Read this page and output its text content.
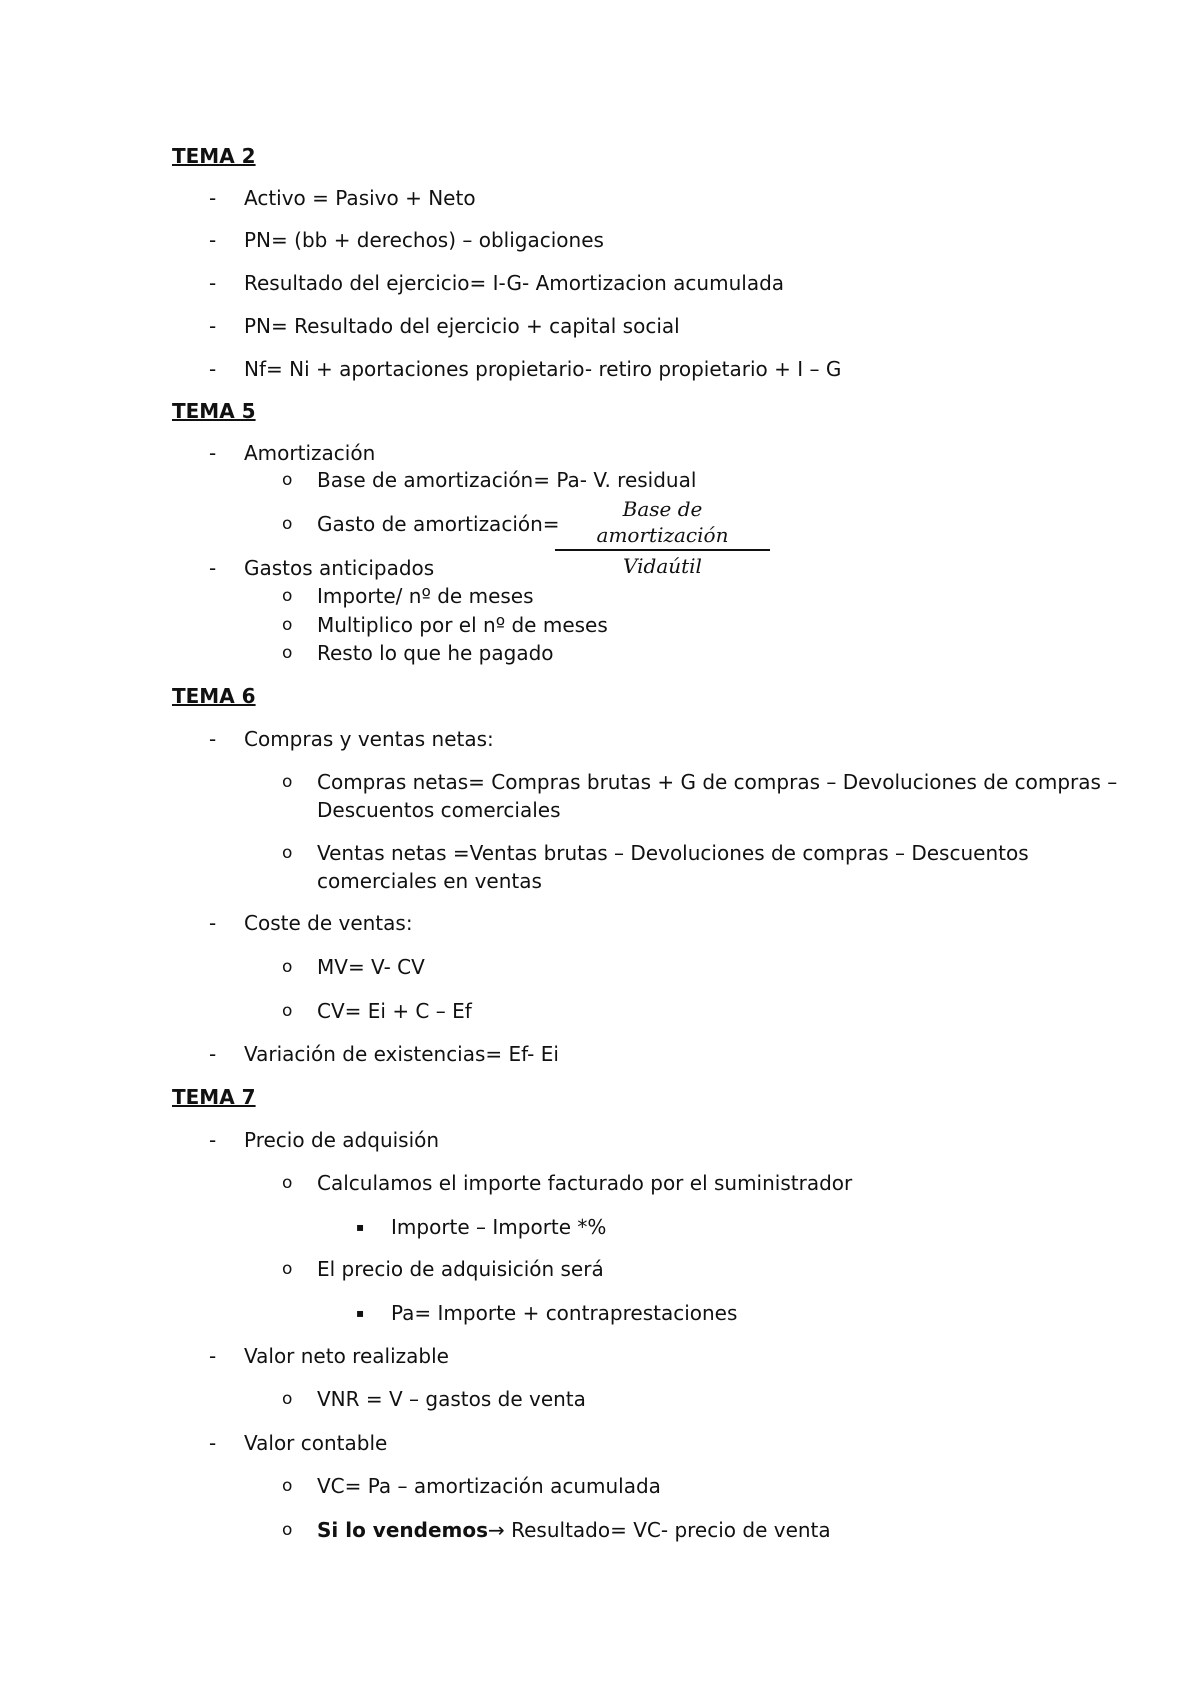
TEMA 2
- Activo = Pasivo + Neto
- PN= (bb + derechos) – obligaciones
- Resultado del ejercicio= I-G- Amortizacion acumulada
- PN= Resultado del ejercicio + capital social
- Nf= Ni + aportaciones propietario- retiro propietario + I – G
TEMA 5
- Amortización
o Base de amortización= Pa- V. residual
o Gasto de amortización=
Base de amortización
Vidaútil
- Gastos anticipados
o Importe/ nº de meses
o Multiplico por el nº de meses
o Resto lo que he pagado
TEMA 6
- Compras y ventas netas:
o Compras netas= Compras brutas + G de compras – Devoluciones de compras –
Descuentos comerciales
o Ventas netas =Ventas brutas – Devoluciones de compras – Descuentos
comerciales en ventas
- Coste de ventas:
o MV= V- CV
o CV= Ei + C – Ef
- Variación de existencias= Ef- Ei
TEMA 7
- Precio de adquisión
o Calculamos el importe facturado por el suministrador
▪ Importe – Importe *%
o El precio de adquisición será
▪ Pa= Importe + contraprestaciones
- Valor neto realizable
o VNR = V – gastos de venta
- Valor contable
o VC= Pa – amortización acumulada
o Si lo vendemos→ Resultado= VC- precio de venta
